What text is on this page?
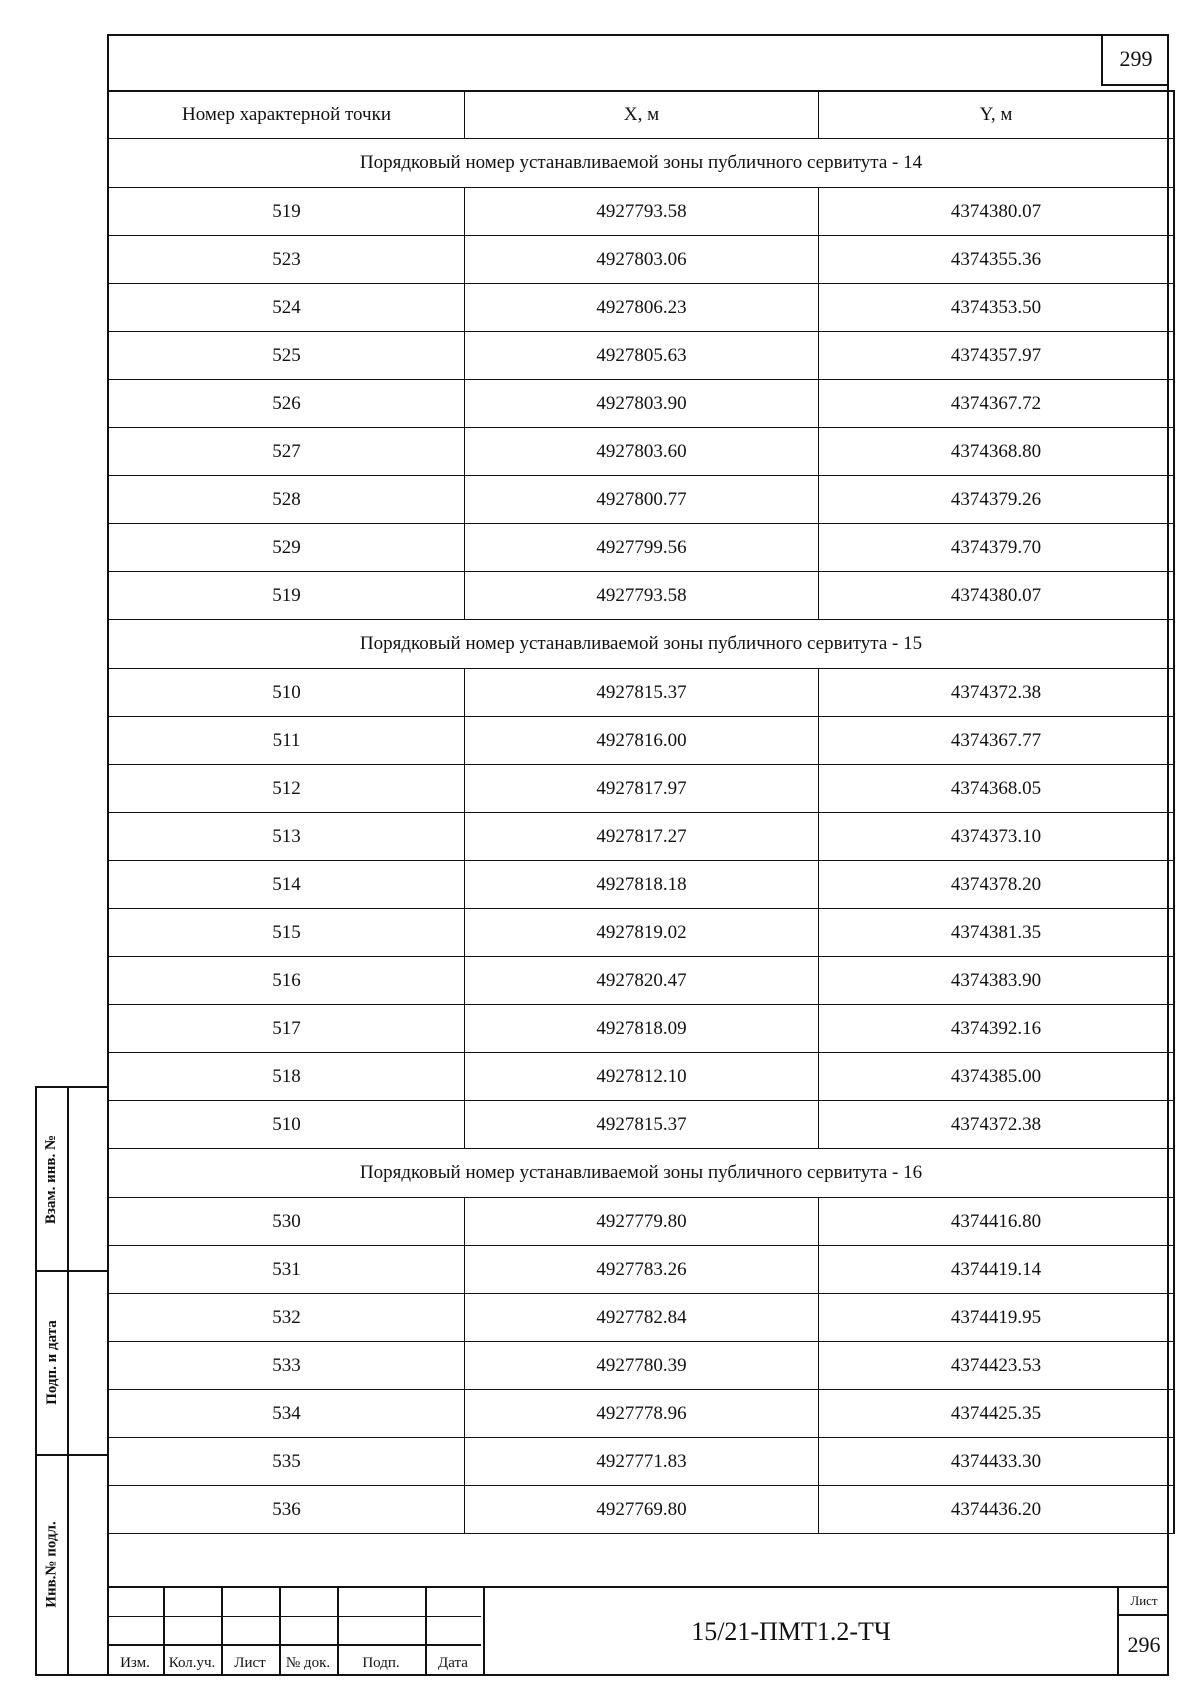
299
Номер характерной точки	X, м	Y, м
Порядковый номер устанавливаемой зоны публичного сервитута - 14		
519	4927793.58	4374380.07
523	4927803.06	4374355.36
524	4927806.23	4374353.50
525	4927805.63	4374357.97
526	4927803.90	4374367.72
527	4927803.60	4374368.80
528	4927800.77	4374379.26
529	4927799.56	4374379.70
519	4927793.58	4374380.07
Порядковый номер устанавливаемой зоны публичного сервитута - 15		
510	4927815.37	4374372.38
511	4927816.00	4374367.77
512	4927817.97	4374368.05
513	4927817.27	4374373.10
514	4927818.18	4374378.20
515	4927819.02	4374381.35
516	4927820.47	4374383.90
517	4927818.09	4374392.16
518	4927812.10	4374385.00
510	4927815.37	4374372.38
Порядковый номер устанавливаемой зоны публичного сервитута - 16		
530	4927779.80	4374416.80
531	4927783.26	4374419.14
532	4927782.84	4374419.95
533	4927780.39	4374423.53
534	4927778.96	4374425.35
535	4927771.83	4374433.30
536	4927769.80	4374436.20
Взам. инв. №
Подп. и дата
Инв.№ подл.
Изм.	Кол.уч.	Лист	№ док.	Подп.	Дата
15/21-ПМТ1.2-ТЧ
Лист
296
